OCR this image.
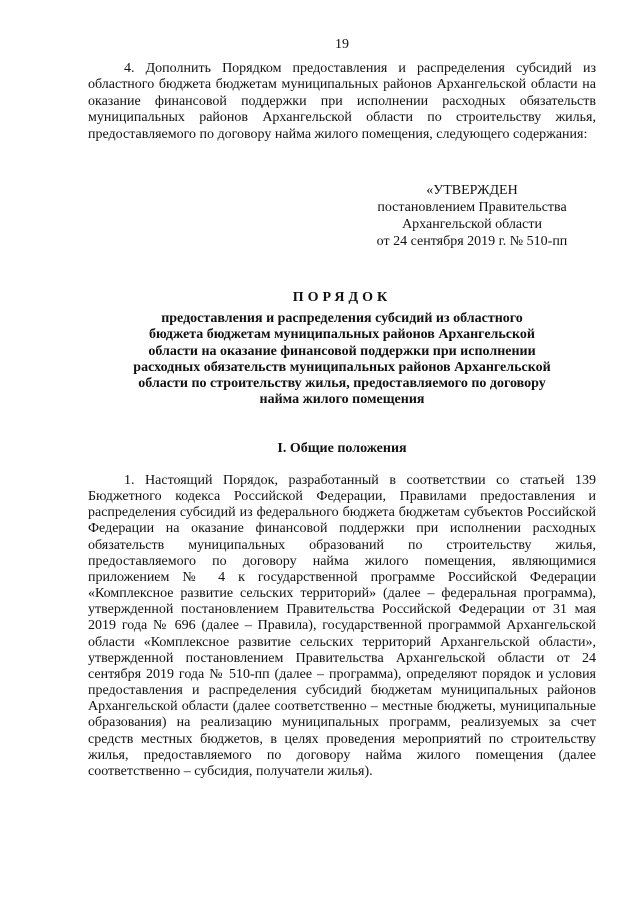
19

4. Дополнить Порядком предоставления и распределения субсидий из областного бюджета бюджетам муниципальных районов Архангельской области на оказание финансовой поддержки при исполнении расходных обязательств муниципальных районов Архангельской области по строительству жилья, предоставляемого по договору найма жилого помещения, следующего содержания:

«УТВЕРЖДЕН
постановлением Правительства
Архангельской области
от 24 сентября 2019 г. № 510-пп
ПОРЯДОК
предоставления и распределения субсидий из областного
бюджета бюджетам муниципальных районов Архангельской
области на оказание финансовой поддержки при исполнении
расходных обязательств муниципальных районов Архангельской
области по строительству жилья, предоставляемого по договору
найма жилого помещения
I. Общие положения

1. Настоящий Порядок, разработанный в соответствии со статьей 139 Бюджетного кодекса Российской Федерации, Правилами предоставления и распределения субсидий из федерального бюджета бюджетам субъектов Российской Федерации на оказание финансовой поддержки при исполнении расходных обязательств муниципальных образований по строительству жилья, предоставляемого по договору найма жилого помещения, являющимися приложением № 4 к государственной программе Российской Федерации «Комплексное развитие сельских территорий» (далее – федеральная программа), утвержденной постановлением Правительства Российской Федерации от 31 мая 2019 года № 696 (далее – Правила), государственной программой Архангельской области «Комплексное развитие сельских территорий Архангельской области», утвержденной постановлением Правительства Архангельской области от 24 сентября 2019 года № 510-пп (далее – программа), определяют порядок и условия предоставления и распределения субсидий бюджетам муниципальных районов Архангельской области (далее соответственно – местные бюджеты, муниципальные образования) на реализацию муниципальных программ, реализуемых за счет средств местных бюджетов, в целях проведения мероприятий по строительству жилья, предоставляемого по договору найма жилого помещения (далее соответственно – субсидия, получатели жилья).
